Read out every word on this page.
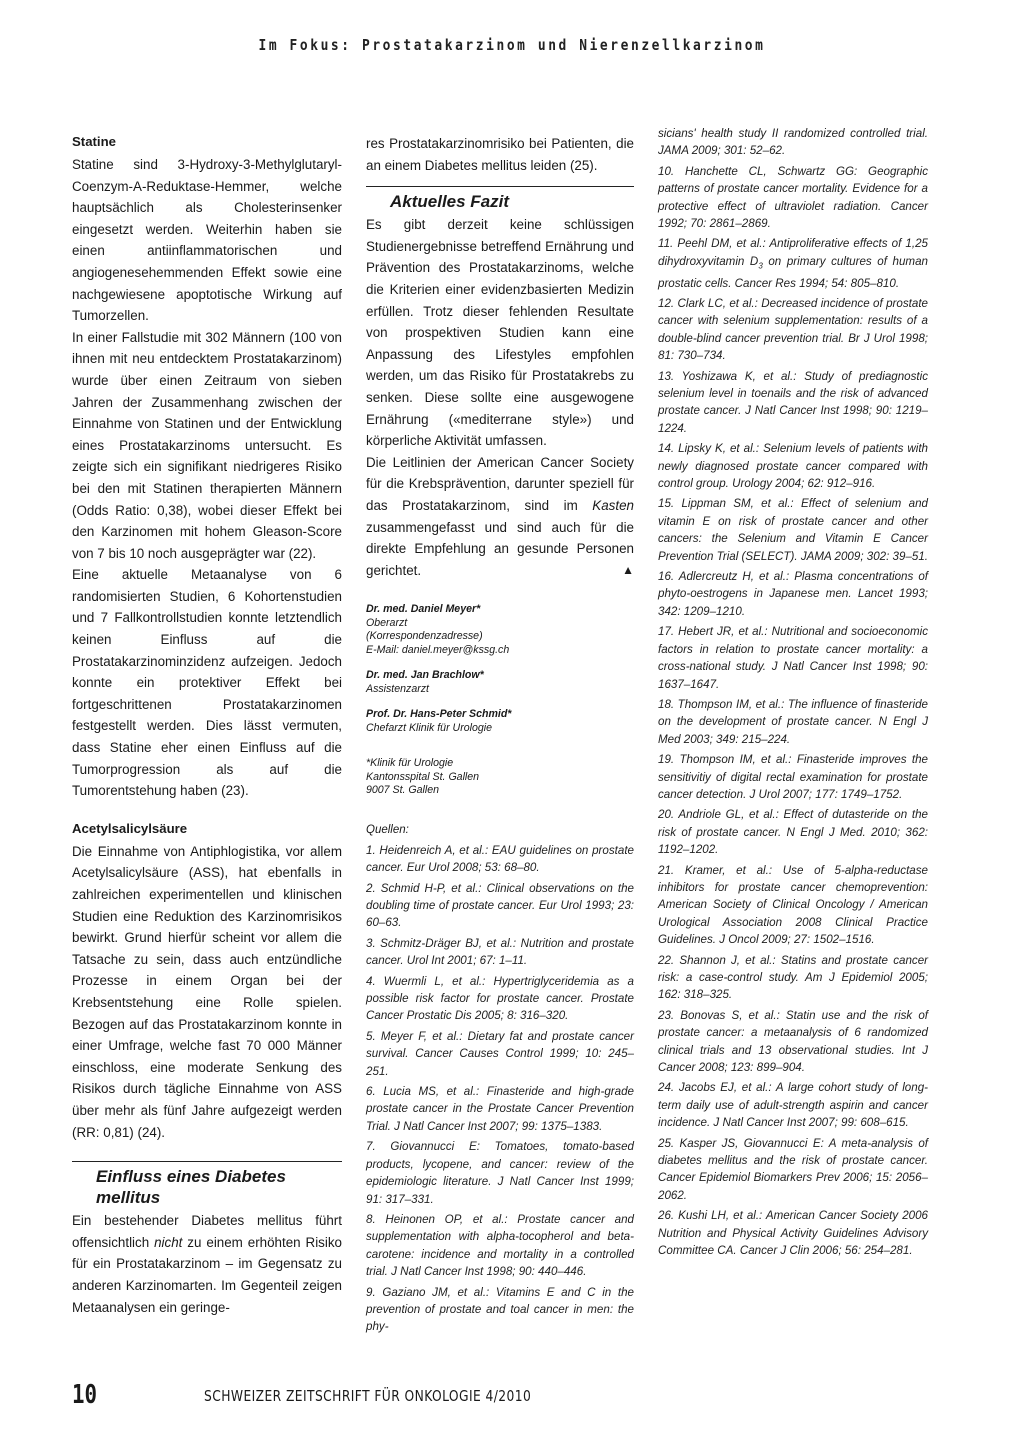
Im Fokus: Prostatakarzinom und Nierenzellkarzinom
Statine

Statine sind 3-Hydroxy-3-Methylglutaryl-Coenzym-A-Reduktase-Hemmer, welche hauptsächlich als Cholesterinsenker eingesetzt werden. Weiterhin haben sie einen antiinflammatorischen und angiogenesehemmenden Effekt sowie eine nachgewiesene apoptotische Wirkung auf Tumorzellen.

In einer Fallstudie mit 302 Männern (100 von ihnen mit neu entdecktem Prostatakarzinom) wurde über einen Zeitraum von sieben Jahren der Zusammenhang zwischen der Einnahme von Statinen und der Entwicklung eines Prostatakarzinoms untersucht. Es zeigte sich ein signifikant niedrigeres Risiko bei den mit Statinen therapierten Männern (Odds Ratio: 0,38), wobei dieser Effekt bei den Karzinomen mit hohem Gleason-Score von 7 bis 10 noch ausgeprägter war (22).

Eine aktuelle Metaanalyse von 6 randomisierten Studien, 6 Kohortenstudien und 7 Fallkontrollstudien konnte letztendlich keinen Einfluss auf die Prostatakarzinominzidenz aufzeigen. Jedoch konnte ein protektiver Effekt bei fortgeschrittenen Prostatakarzinomen festgestellt werden. Dies lässt vermuten, dass Statine eher einen Einfluss auf die Tumorprogression als auf die Tumorentstehung haben (23).

Acetylsalicylsäure

Die Einnahme von Antiphlogistika, vor allem Acetylsalicylsäure (ASS), hat ebenfalls in zahlreichen experimentellen und klinischen Studien eine Reduktion des Karzinomrisikos bewirkt. Grund hierfür scheint vor allem die Tatsache zu sein, dass auch entzündliche Prozesse in einem Organ bei der Krebsentstehung eine Rolle spielen. Bezogen auf das Prostatakarzinom konnte in einer Umfrage, welche fast 70 000 Männer einschloss, eine moderate Senkung des Risikos durch tägliche Einnahme von ASS über mehr als fünf Jahre aufgezeigt werden (RR: 0,81) (24).

Einfluss eines Diabetes mellitus

Ein bestehender Diabetes mellitus führt offensichtlich nicht zu einem erhöhten Risiko für ein Prostatakarzinom – im Gegensatz zu anderen Karzinomarten. Im Gegenteil zeigen Metaanalysen ein geringe-

res Prostatakarzinomrisiko bei Patienten, die an einem Diabetes mellitus leiden (25).

Aktuelles Fazit

Es gibt derzeit keine schlüssigen Studienergebnisse betreffend Ernährung und Prävention des Prostatakarzinoms, welche die Kriterien einer evidenzbasierten Medizin erfüllen. Trotz dieser fehlenden Resultate von prospektiven Studien kann eine Anpassung des Lifestyles empfohlen werden, um das Risiko für Prostatakrebs zu senken. Diese sollte eine ausgewogene Ernährung («mediterrane style») und körperliche Aktivität umfassen.

Die Leitlinien der American Cancer Society für die Krebsprävention, darunter speziell für das Prostatakarzinom, sind im Kasten zusammengefasst und sind auch für die direkte Empfehlung an gesunde Personen gerichtet.	▲

Dr. med. Daniel Meyer*
Oberarzt
(Korrespondenzadresse)
E-Mail: daniel.meyer@kssg.ch
Dr. med. Jan Brachlow*
Assistenzarzt
Prof. Dr. Hans-Peter Schmid*
Chefarzt Klinik für Urologie
*Klinik für Urologie
Kantonsspital St. Gallen
9007 St. Gallen
Quellen:

1. Heidenreich A, et al.: EAU guidelines on prostate cancer. Eur Urol 2008; 53: 68–80.

2. Schmid H-P, et al.: Clinical observations on the doubling time of prostate cancer. Eur Urol 1993; 23: 60–63.

3. Schmitz-Dräger BJ, et al.: Nutrition and prostate cancer. Urol Int 2001; 67: 1–11.

4. Wuermli L, et al.: Hypertriglyceridemia as a possible risk factor for prostate cancer. Prostate Cancer Prostatic Dis 2005; 8: 316–320.

5. Meyer F, et al.: Dietary fat and prostate cancer survival. Cancer Causes Control 1999; 10: 245–251.

6. Lucia MS, et al.: Finasteride and high-grade prostate cancer in the Prostate Cancer Prevention Trial. J Natl Cancer Inst 2007; 99: 1375–1383.

7. Giovannucci E: Tomatoes, tomato-based products, lycopene, and cancer: review of the epidemiologic literature. J Natl Cancer Inst 1999; 91: 317–331.

8. Heinonen OP, et al.: Prostate cancer and supplementation with alpha-tocopherol and beta-carotene: incidence and mortality in a controlled trial. J Natl Cancer Inst 1998; 90: 440–446.

9. Gaziano JM, et al.: Vitamins E and C in the prevention of prostate and toal cancer in men: the phy-

sicians' health study II randomized controlled trial. JAMA 2009; 301: 52–62.

10. Hanchette CL, Schwartz GG: Geographic patterns of prostate cancer mortality. Evidence for a protective effect of ultraviolet radiation. Cancer 1992; 70: 2861–2869.

11. Peehl DM, et al.: Antiproliferative effects of 1,25 dihydroxyvitamin $D_3$ on primary cultures of human prostatic cells. Cancer Res 1994; 54: 805–810.

12. Clark LC, et al.: Decreased incidence of prostate cancer with selenium supplementation: results of a double-blind cancer prevention trial. Br J Urol 1998; 81: 730–734.

13. Yoshizawa K, et al.: Study of prediagnostic selenium level in toenails and the risk of advanced prostate cancer. J Natl Cancer Inst 1998; 90: 1219–1224.

14. Lipsky K, et al.: Selenium levels of patients with newly diagnosed prostate cancer compared with control group. Urology 2004; 62: 912–916.

15. Lippman SM, et al.: Effect of selenium and vitamin E on risk of prostate cancer and other cancers: the Selenium and Vitamin E Cancer Prevention Trial (SELECT). JAMA 2009; 302: 39–51.

16. Adlercreutz H, et al.: Plasma concentrations of phyto-oestrogens in Japanese men. Lancet 1993; 342: 1209–1210.

17. Hebert JR, et al.: Nutritional and socioeconomic factors in relation to prostate cancer mortality: a cross-national study. J Natl Cancer Inst 1998; 90: 1637–1647.

18. Thompson IM, et al.: The influence of finasteride on the development of prostate cancer. N Engl J Med 2003; 349: 215–224.

19. Thompson IM, et al.: Finasteride improves the sensitivitiy of digital rectal examination for prostate cancer detection. J Urol 2007; 177: 1749–1752.

20. Andriole GL, et al.: Effect of dutasteride on the risk of prostate cancer. N Engl J Med. 2010; 362: 1192–1202.

21. Kramer, et al.: Use of 5-alpha-reductase inhibitors for prostate cancer chemoprevention: American Society of Clinical Oncology / American Urological Association 2008 Clinical Practice Guidelines. J Oncol 2009; 27: 1502–1516.

22. Shannon J, et al.: Statins and prostate cancer risk: a case-control study. Am J Epidemiol 2005; 162: 318–325.

23. Bonovas S, et al.: Statin use and the risk of prostate cancer: a metaanalysis of 6 randomized clinical trials and 13 observational studies. Int J Cancer 2008; 123: 899–904.

24. Jacobs EJ, et al.: A large cohort study of long-term daily use of adult-strength aspirin and cancer incidence. J Natl Cancer Inst 2007; 99: 608–615.

25. Kasper JS, Giovannucci E: A meta-analysis of diabetes mellitus and the risk of prostate cancer. Cancer Epidemiol Biomarkers Prev 2006; 15: 2056–2062.

26. Kushi LH, et al.: American Cancer Society 2006 Nutrition and Physical Activity Guidelines Advisory Committee CA. Cancer J Clin 2006; 56: 254–281.

10	SCHWEIZER ZEITSCHRIFT FÜR ONKOLOGIE 4/2010
